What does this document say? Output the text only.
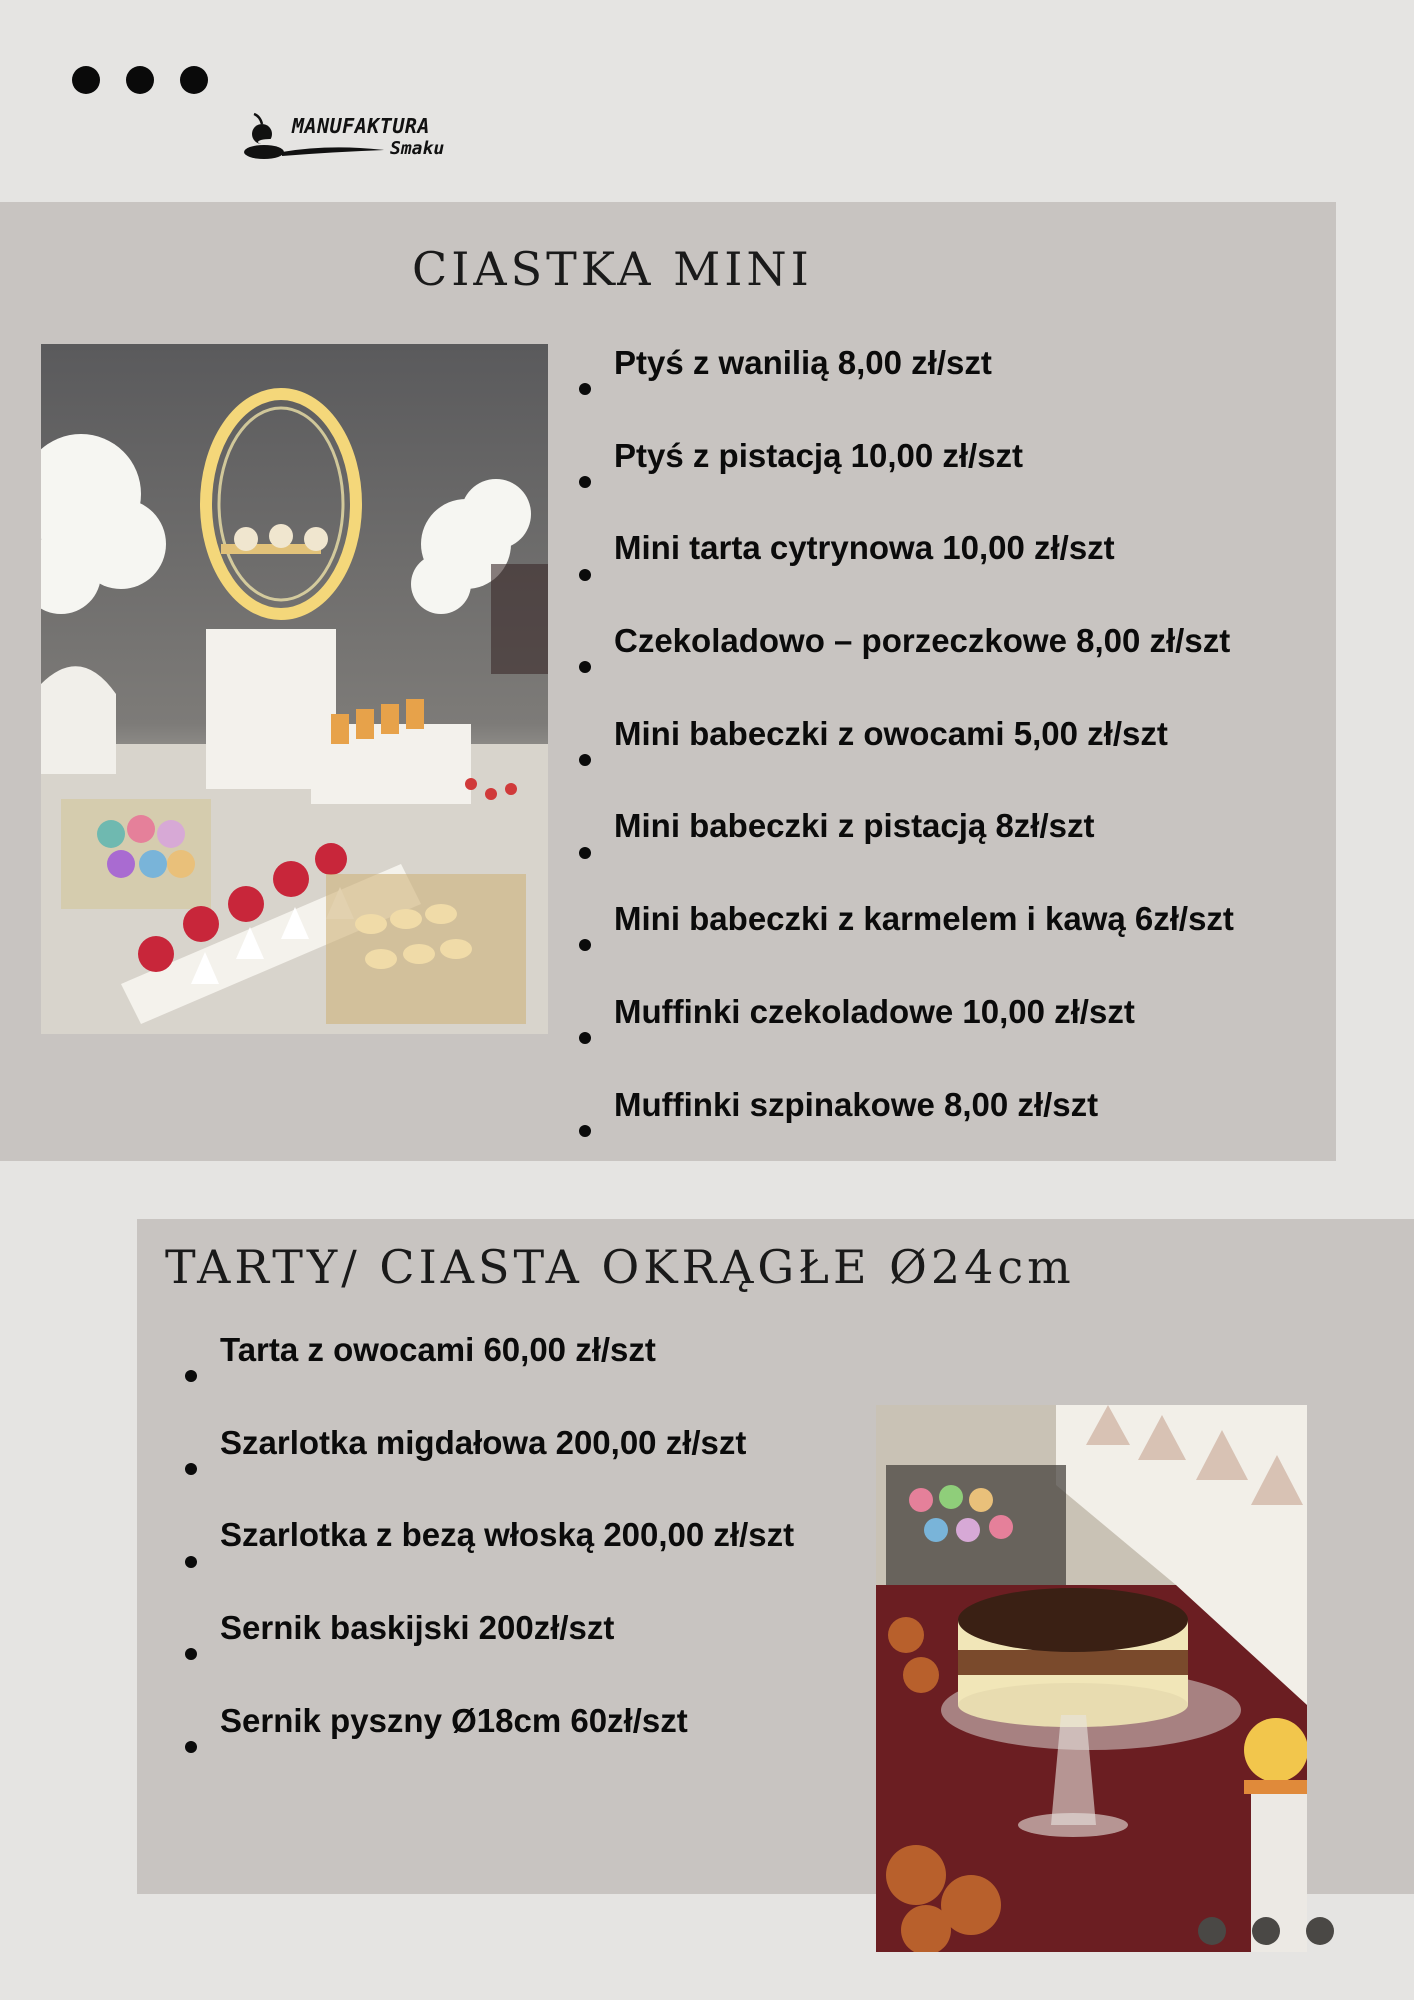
MANUFAKTURA
Smaku
CIASTKA MINI
Ptyś z wanilią 8,00 zł/szt
Ptyś z pistacją 10,00 zł/szt
Mini tarta cytrynowa 10,00 zł/szt
Czekoladowo – porzeczkowe 8,00 zł/szt
Mini babeczki z owocami 5,00 zł/szt
Mini babeczki z pistacją 8zł/szt
Mini babeczki z karmelem i kawą 6zł/szt
Muffinki czekoladowe 10,00 zł/szt
Muffinki szpinakowe 8,00 zł/szt
TARTY/ CIASTA OKRĄGŁE Ø24cm
Tarta z owocami 60,00 zł/szt
Szarlotka migdałowa 200,00 zł/szt
Szarlotka z bezą włoską 200,00 zł/szt
Sernik baskijski 200zł/szt
Sernik pyszny Ø18cm 60zł/szt
